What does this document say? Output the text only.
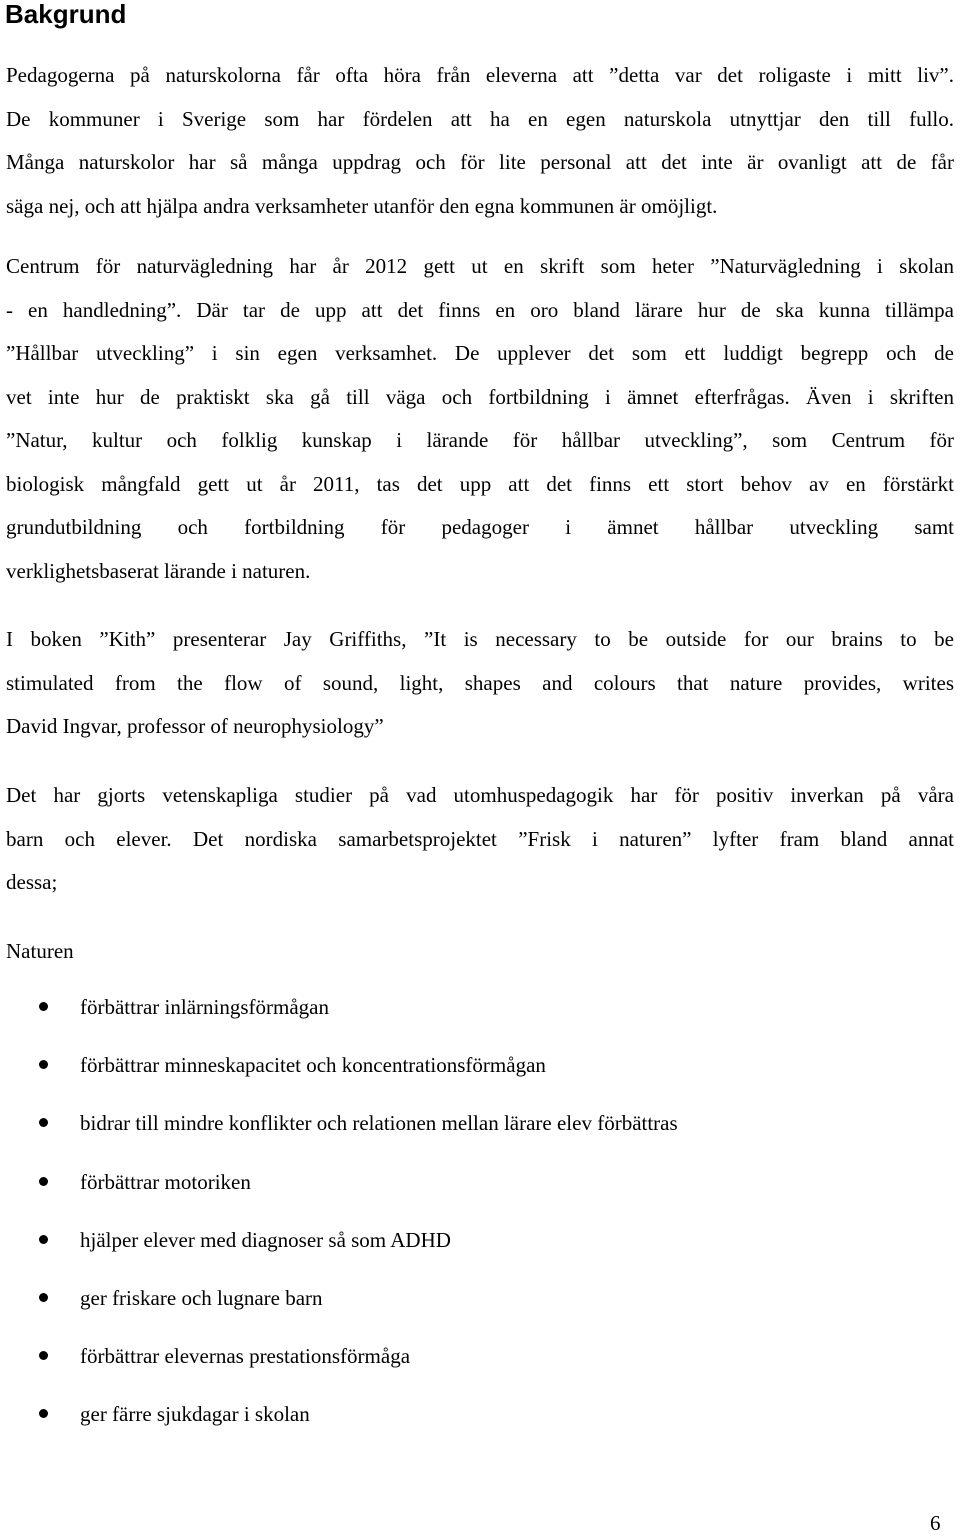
Bakgrund

Pedagogerna på naturskolorna får ofta höra från eleverna att ”detta var det roligaste i mitt liv”.
De kommuner i Sverige som har fördelen att ha en egen naturskola utnyttjar den till fullo.
Många naturskolor har så många uppdrag och för lite personal att det inte är ovanligt att de får
säga nej, och att hjälpa andra verksamheter utanför den egna kommunen är omöjligt.

Centrum för naturvägledning har år 2012 gett ut en skrift som heter ”Naturvägledning i skolan
- en handledning”. Där tar de upp att det finns en oro bland lärare hur de ska kunna tillämpa
”Hållbar utveckling” i sin egen verksamhet. De upplever det som ett luddigt begrepp och de
vet inte hur de praktiskt ska gå till väga och fortbildning i ämnet efterfrågas. Även i skriften
”Natur, kultur och folklig kunskap i lärande för hållbar utveckling”, som Centrum för
biologisk mångfald gett ut år 2011, tas det upp att det finns ett stort behov av en förstärkt
grundutbildning och fortbildning för pedagoger i ämnet hållbar utveckling samt
verklighetsbaserat lärande i naturen.

I boken ”Kith” presenterar Jay Griffiths, ”It is necessary to be outside for our brains to be
stimulated from the flow of sound, light, shapes and colours that nature provides, writes
David Ingvar, professor of neurophysiology”

Det har gjorts vetenskapliga studier på vad utomhuspedagogik har för positiv inverkan på våra
barn och elever. Det nordiska samarbetsprojektet ”Frisk i naturen” lyfter fram bland annat
dessa;

Naturen

förbättrar inlärningsförmågan
förbättrar minneskapacitet och koncentrationsförmågan
bidrar till mindre konflikter och relationen mellan lärare elev förbättras
förbättrar motoriken
hjälper elever med diagnoser så som ADHD
ger friskare och lugnare barn
förbättrar elevernas prestationsförmåga
ger färre sjukdagar i skolan

6
